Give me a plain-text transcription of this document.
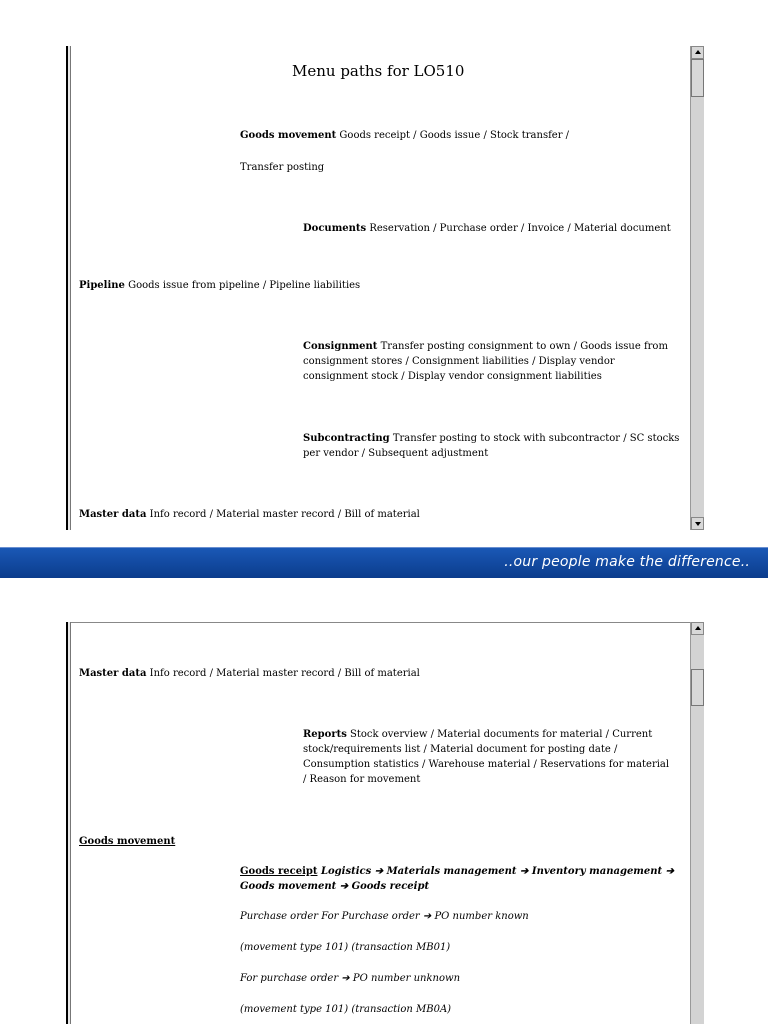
Menu paths for LO510
Goods movement Goods receipt / Goods issue / Stock transfer /
Transfer posting
Documents Reservation / Purchase order / Invoice / Material document
Pipeline Goods issue from pipeline / Pipeline liabilities
Consignment Transfer posting consignment to own / Goods issue from consignment stores / Consignment liabilities / Display vendor consignment stock / Display vendor consignment liabilities
Subcontracting Transfer posting to stock with subcontractor / SC stocks per vendor / Subsequent adjustment
Master data Info record / Material master record / Bill of material
..our people make the difference..
Master data Info record / Material master record / Bill of material
Reports Stock overview / Material documents for material / Current stock/requirements list / Material document for posting date / Consumption statistics / Warehouse material / Reservations for material / Reason for movement
Goods movement
Goods receipt Logistics ➔ Materials management ➔ Inventory management ➔ Goods movement ➔ Goods receipt
Purchase order For Purchase order ➔ PO number known
(movement type 101) (transaction MB01)
For purchase order ➔ PO number unknown
(movement type 101) (transaction MB0A)
